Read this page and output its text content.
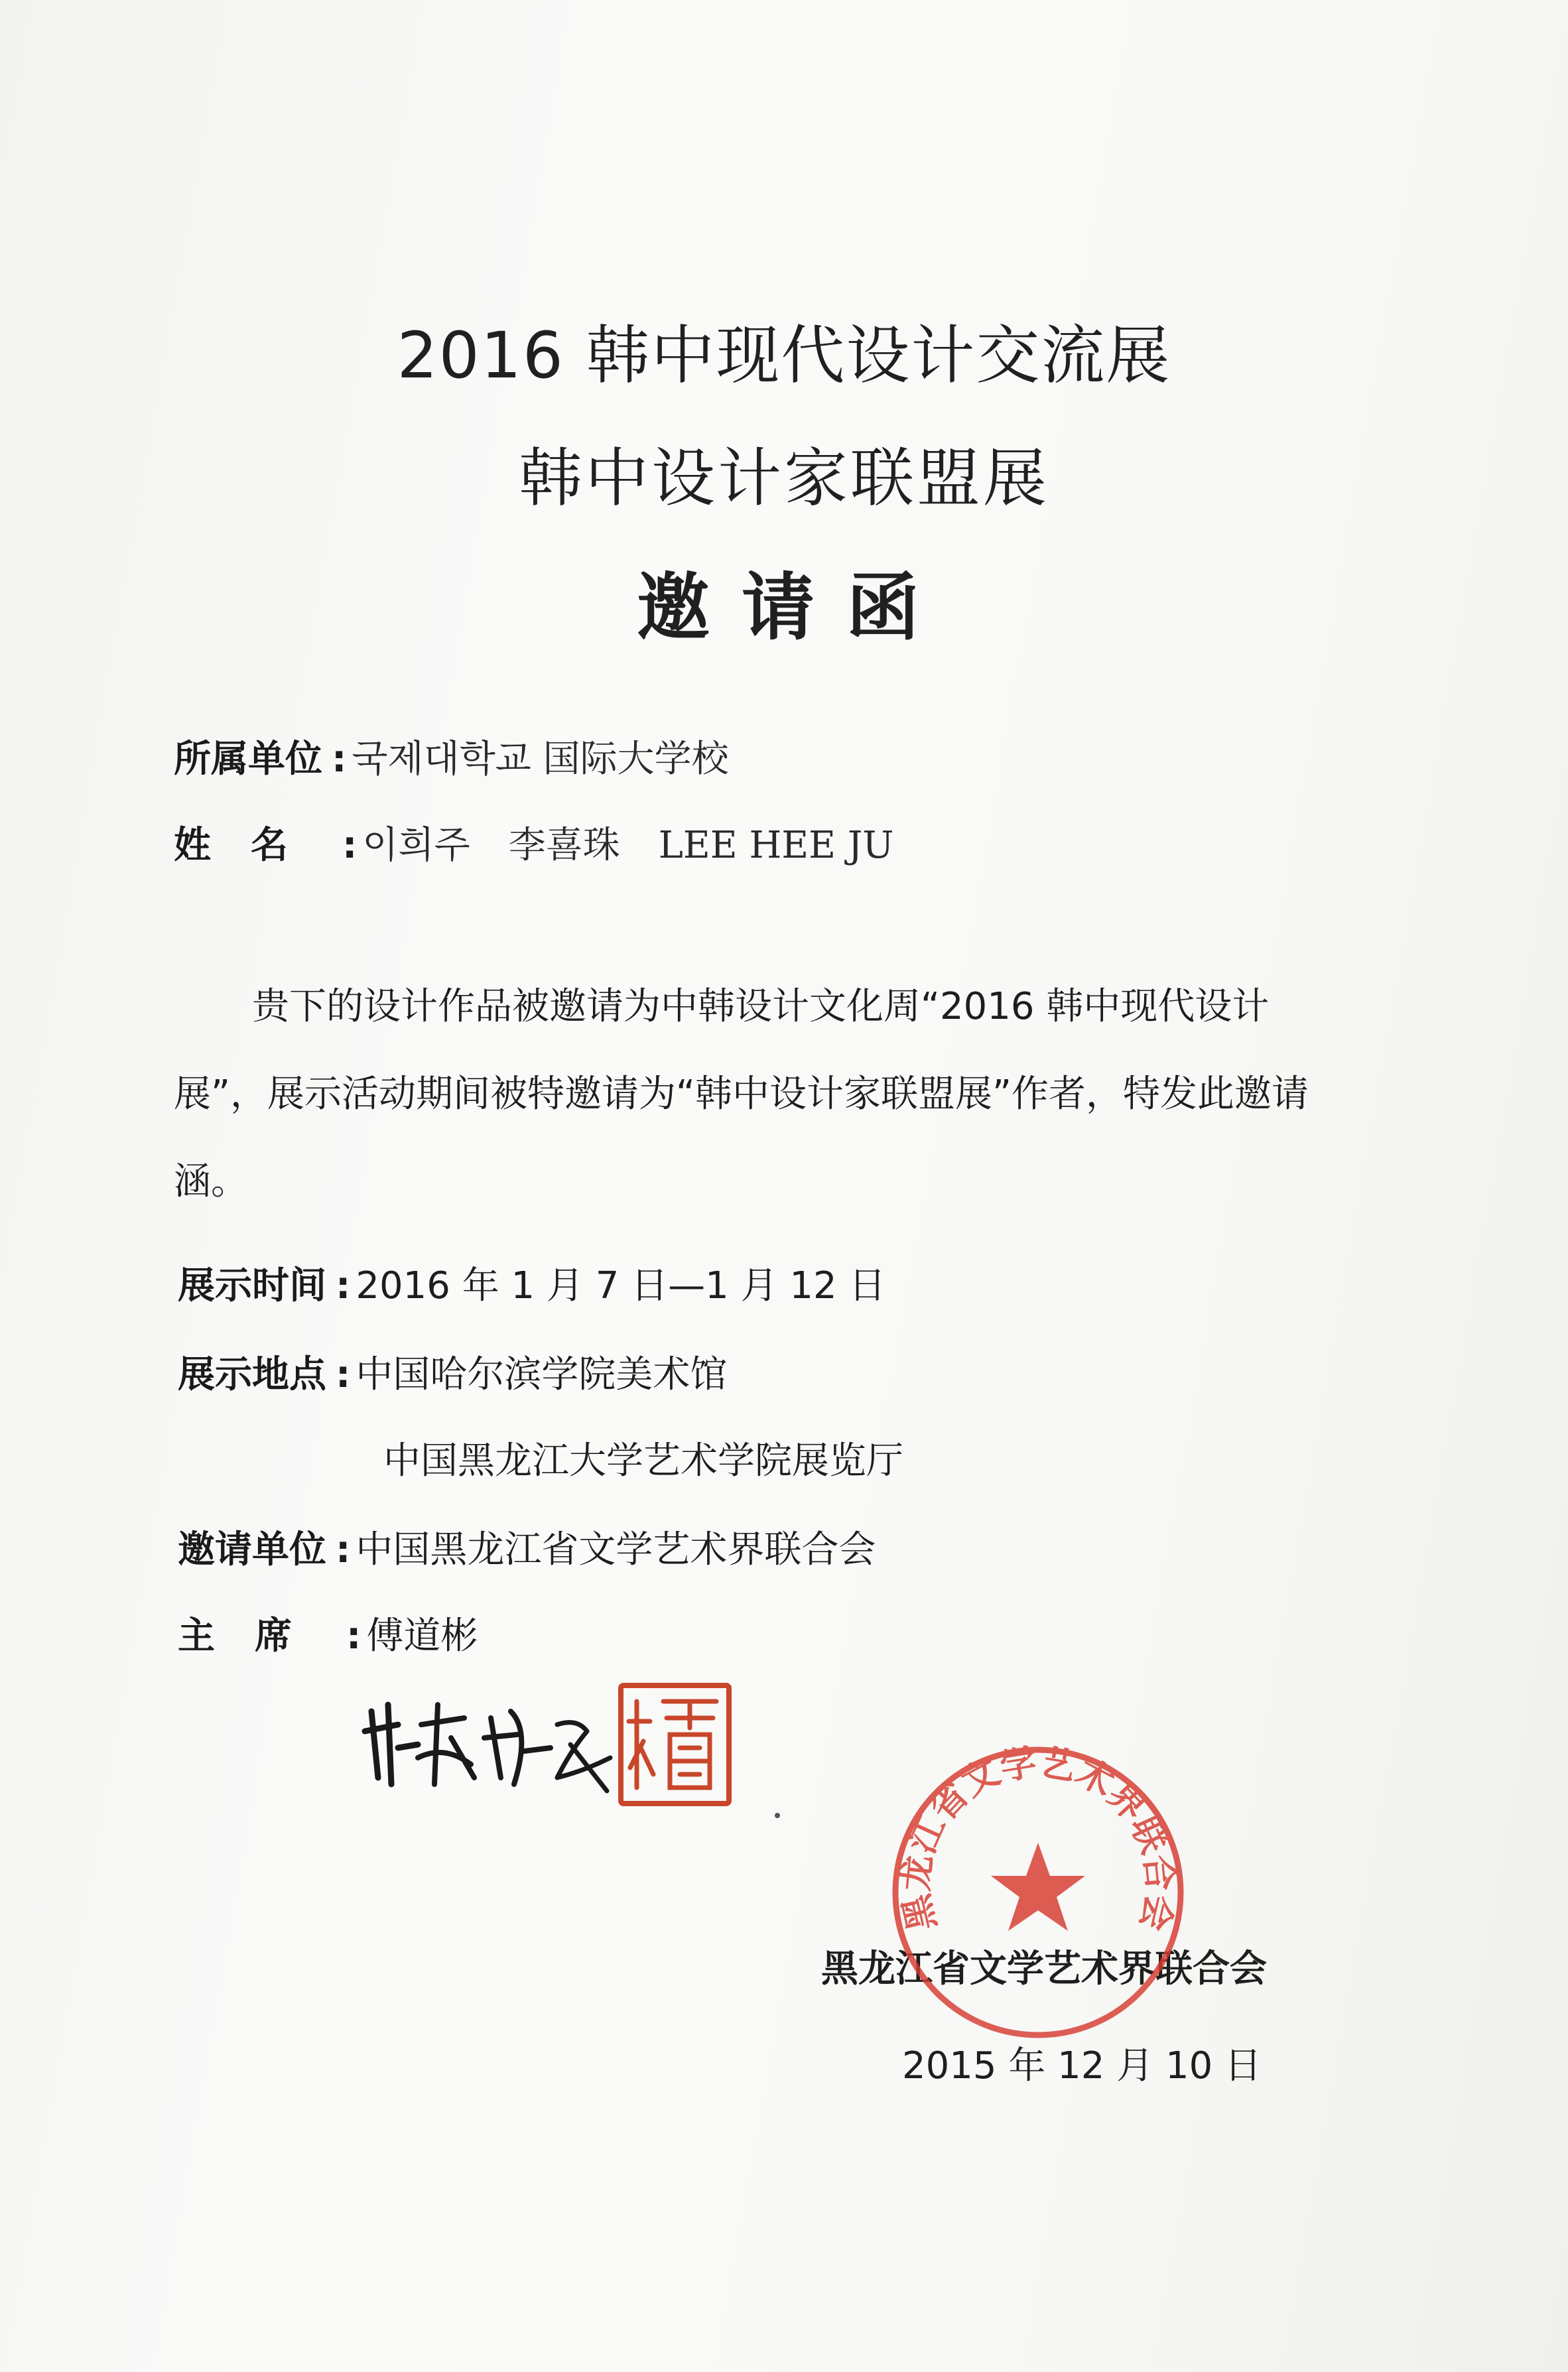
2016 韩中现代设计交流展
韩中设计家联盟展
邀请函
所属单位 : 국제대학교 国际大学校
姓名 : 이희주 李喜珠 LEE HEE JU
贵下的设计作品被邀请为中韩设计文化周“2016 韩中现代设计展”，展示活动期间被特邀请为“韩中设计家联盟展”作者，特发此邀请涵。
展示时间 : 2016 年 1 月 7 日—1 月 12 日
展示地点 : 中国哈尔滨学院美术馆
中国黑龙江大学艺术学院展览厅
邀请单位 : 中国黑龙江省文学艺术界联合会
主席 : 傅道彬
黑龙江省文学艺术界联合会
2015 年 12 月 10 日
黑龙江省文学艺术界联合会
